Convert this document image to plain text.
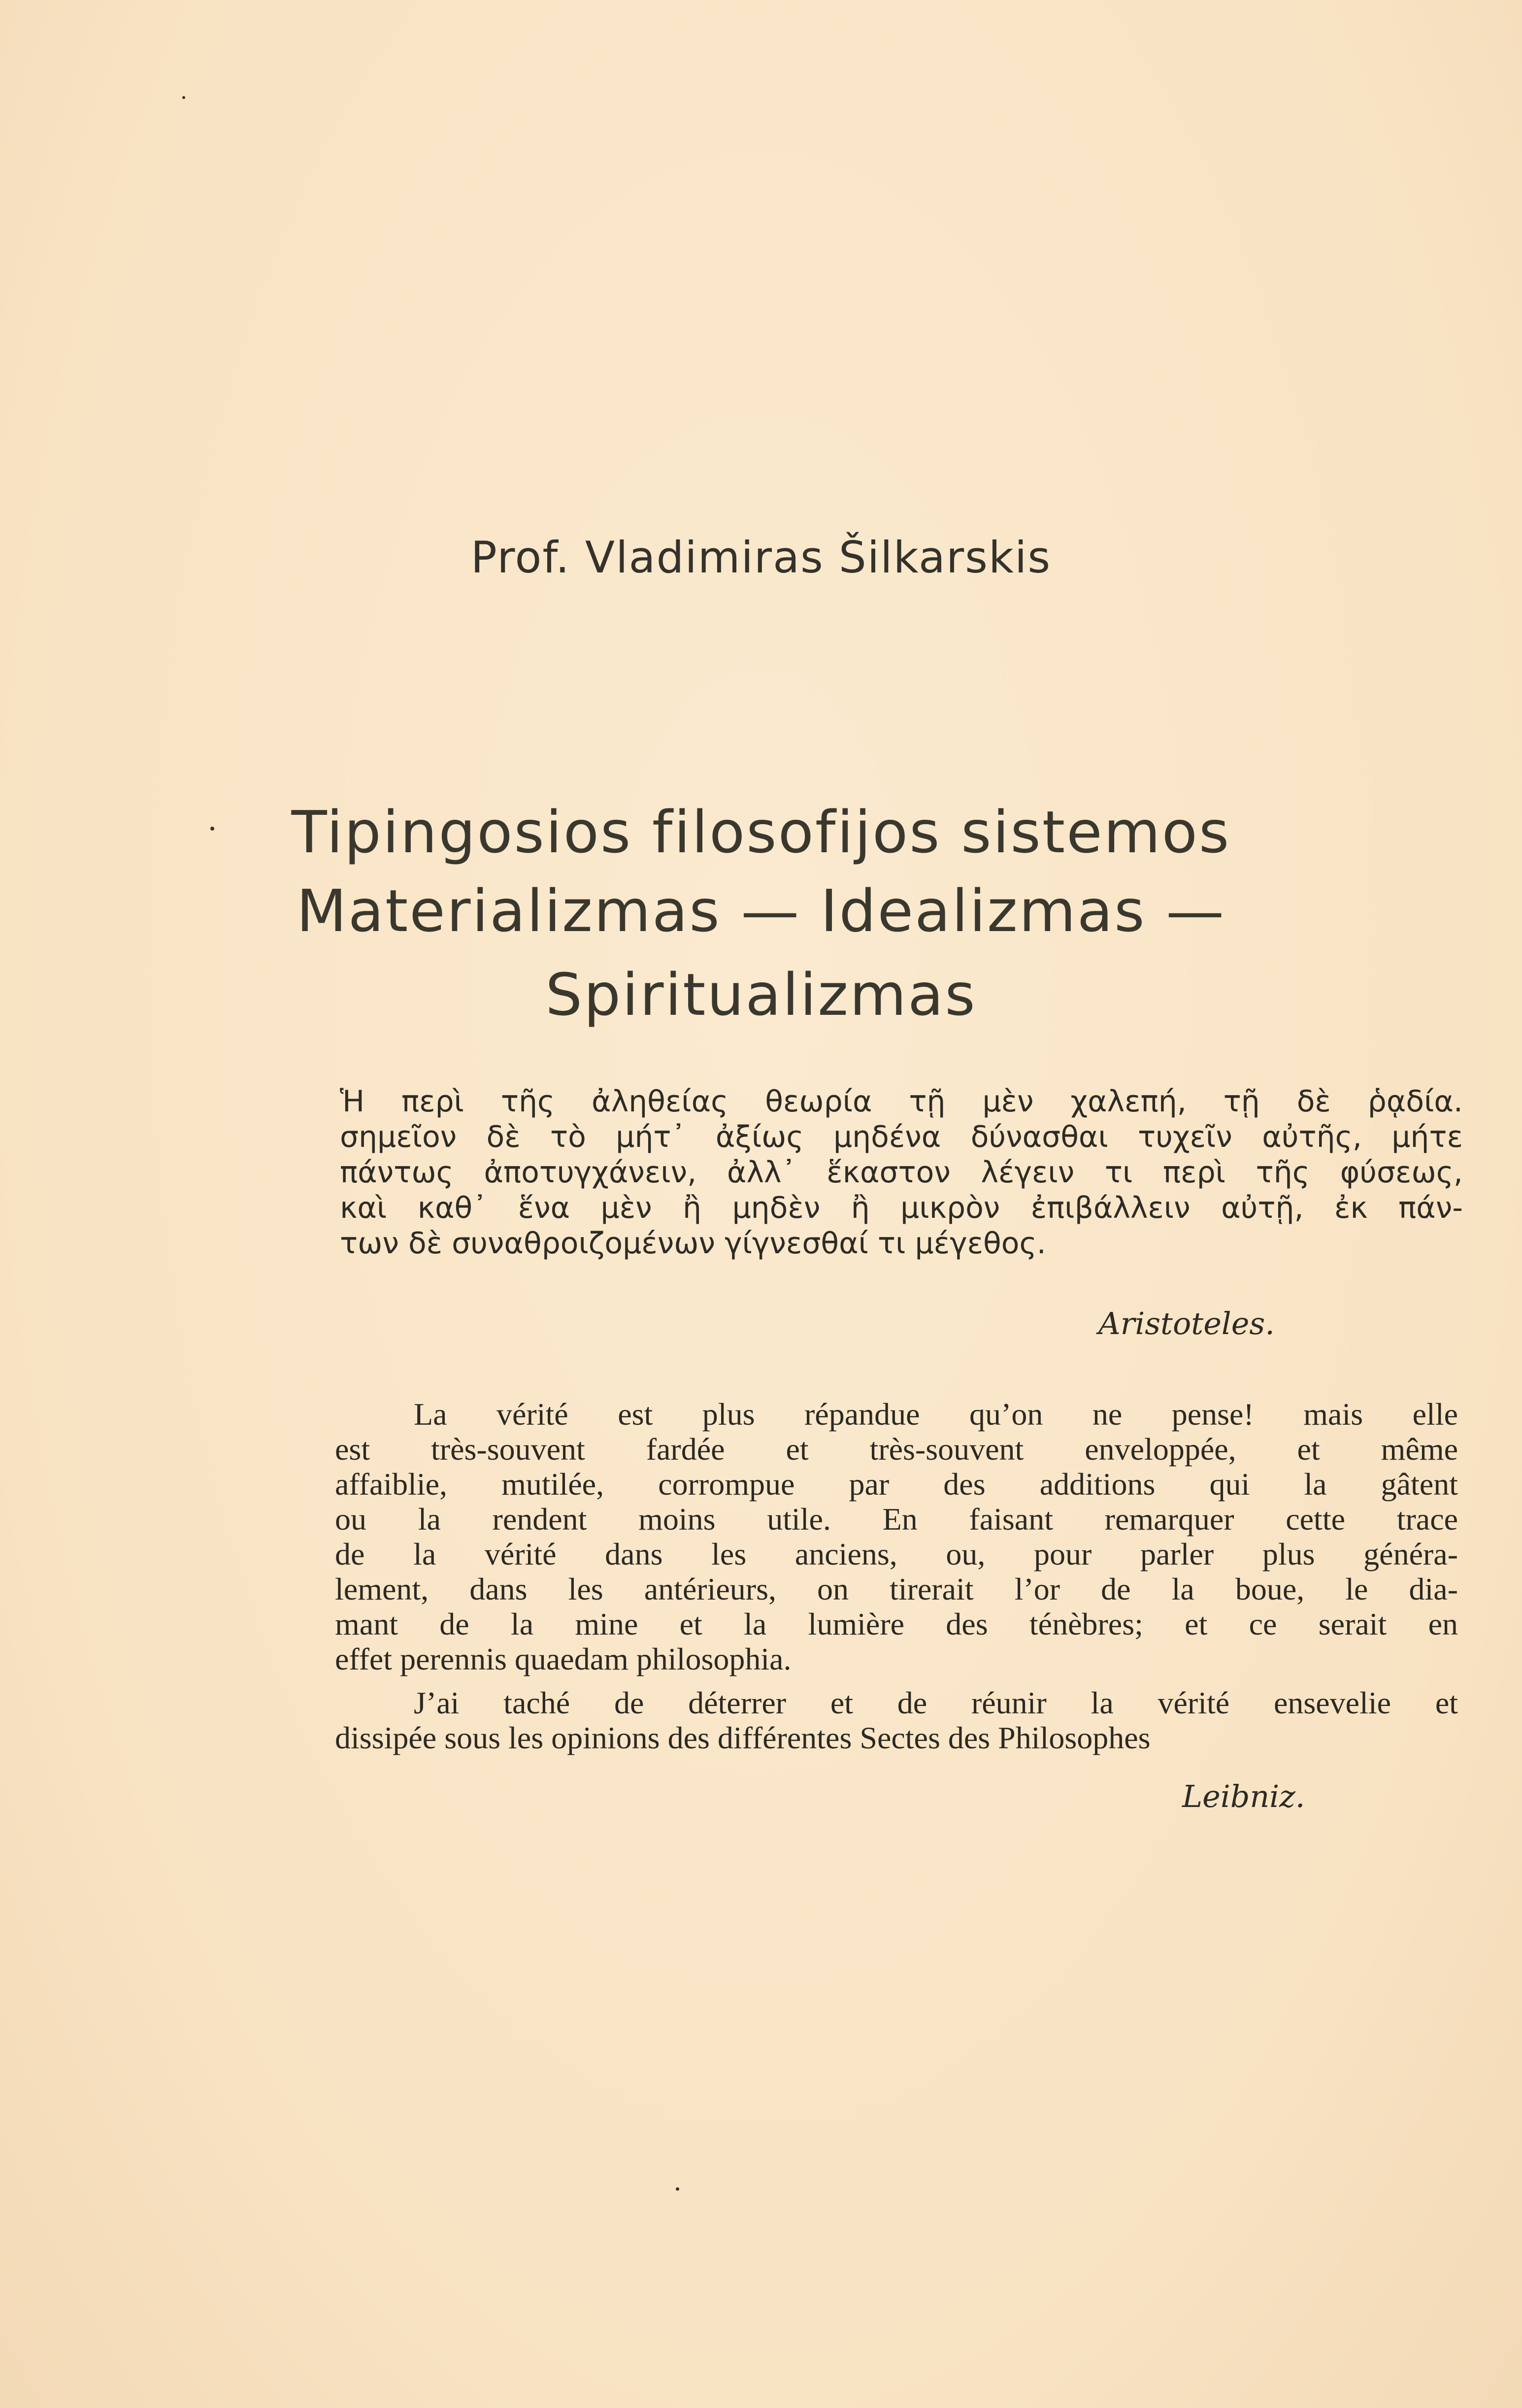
Prof. Vladimiras Šilkarskis
Tipingosios filosofijos sistemos
Materializmas — Idealizmas —
Spiritualizmas
Ἡ περὶ τῆς ἀληθείας θεωρία τῇ μὲν χαλεπή, τῇ δὲ ῥᾳδία.
σημεῖον δὲ τὸ μήτ᾽ ἀξίως μηδένα δύνασθαι τυχεῖν αὐτῆς, μήτε
πάντως ἀποτυγχάνειν, ἀλλ᾽ ἕκαστον λέγειν τι περὶ τῆς φύσεως,
καὶ καθ᾽ ἕνα μὲν ἢ μηδὲν ἢ μικρὸν ἐπιβάλλειν αὐτῇ, ἐκ πάν-
των δὲ συναθροιζομένων γίγνεσθαί τι μέγεθος.
Aristoteles.
La vérité est plus répandue qu’on ne pense! mais elle
est très-souvent fardée et très-souvent enveloppée, et même
affaiblie, mutilée, corrompue par des additions qui la gâtent
ou la rendent moins utile. En faisant remarquer cette trace
de la vérité dans les anciens, ou, pour parler plus généra-
lement, dans les antérieurs, on tirerait l’or de la boue, le dia-
mant de la mine et la lumière des ténèbres; et ce serait en
effet perennis quaedam philosophia.
J’ai taché de déterrer et de réunir la vérité ensevelie et
dissipée sous les opinions des différentes Sectes des Philosophes
Leibniz.
